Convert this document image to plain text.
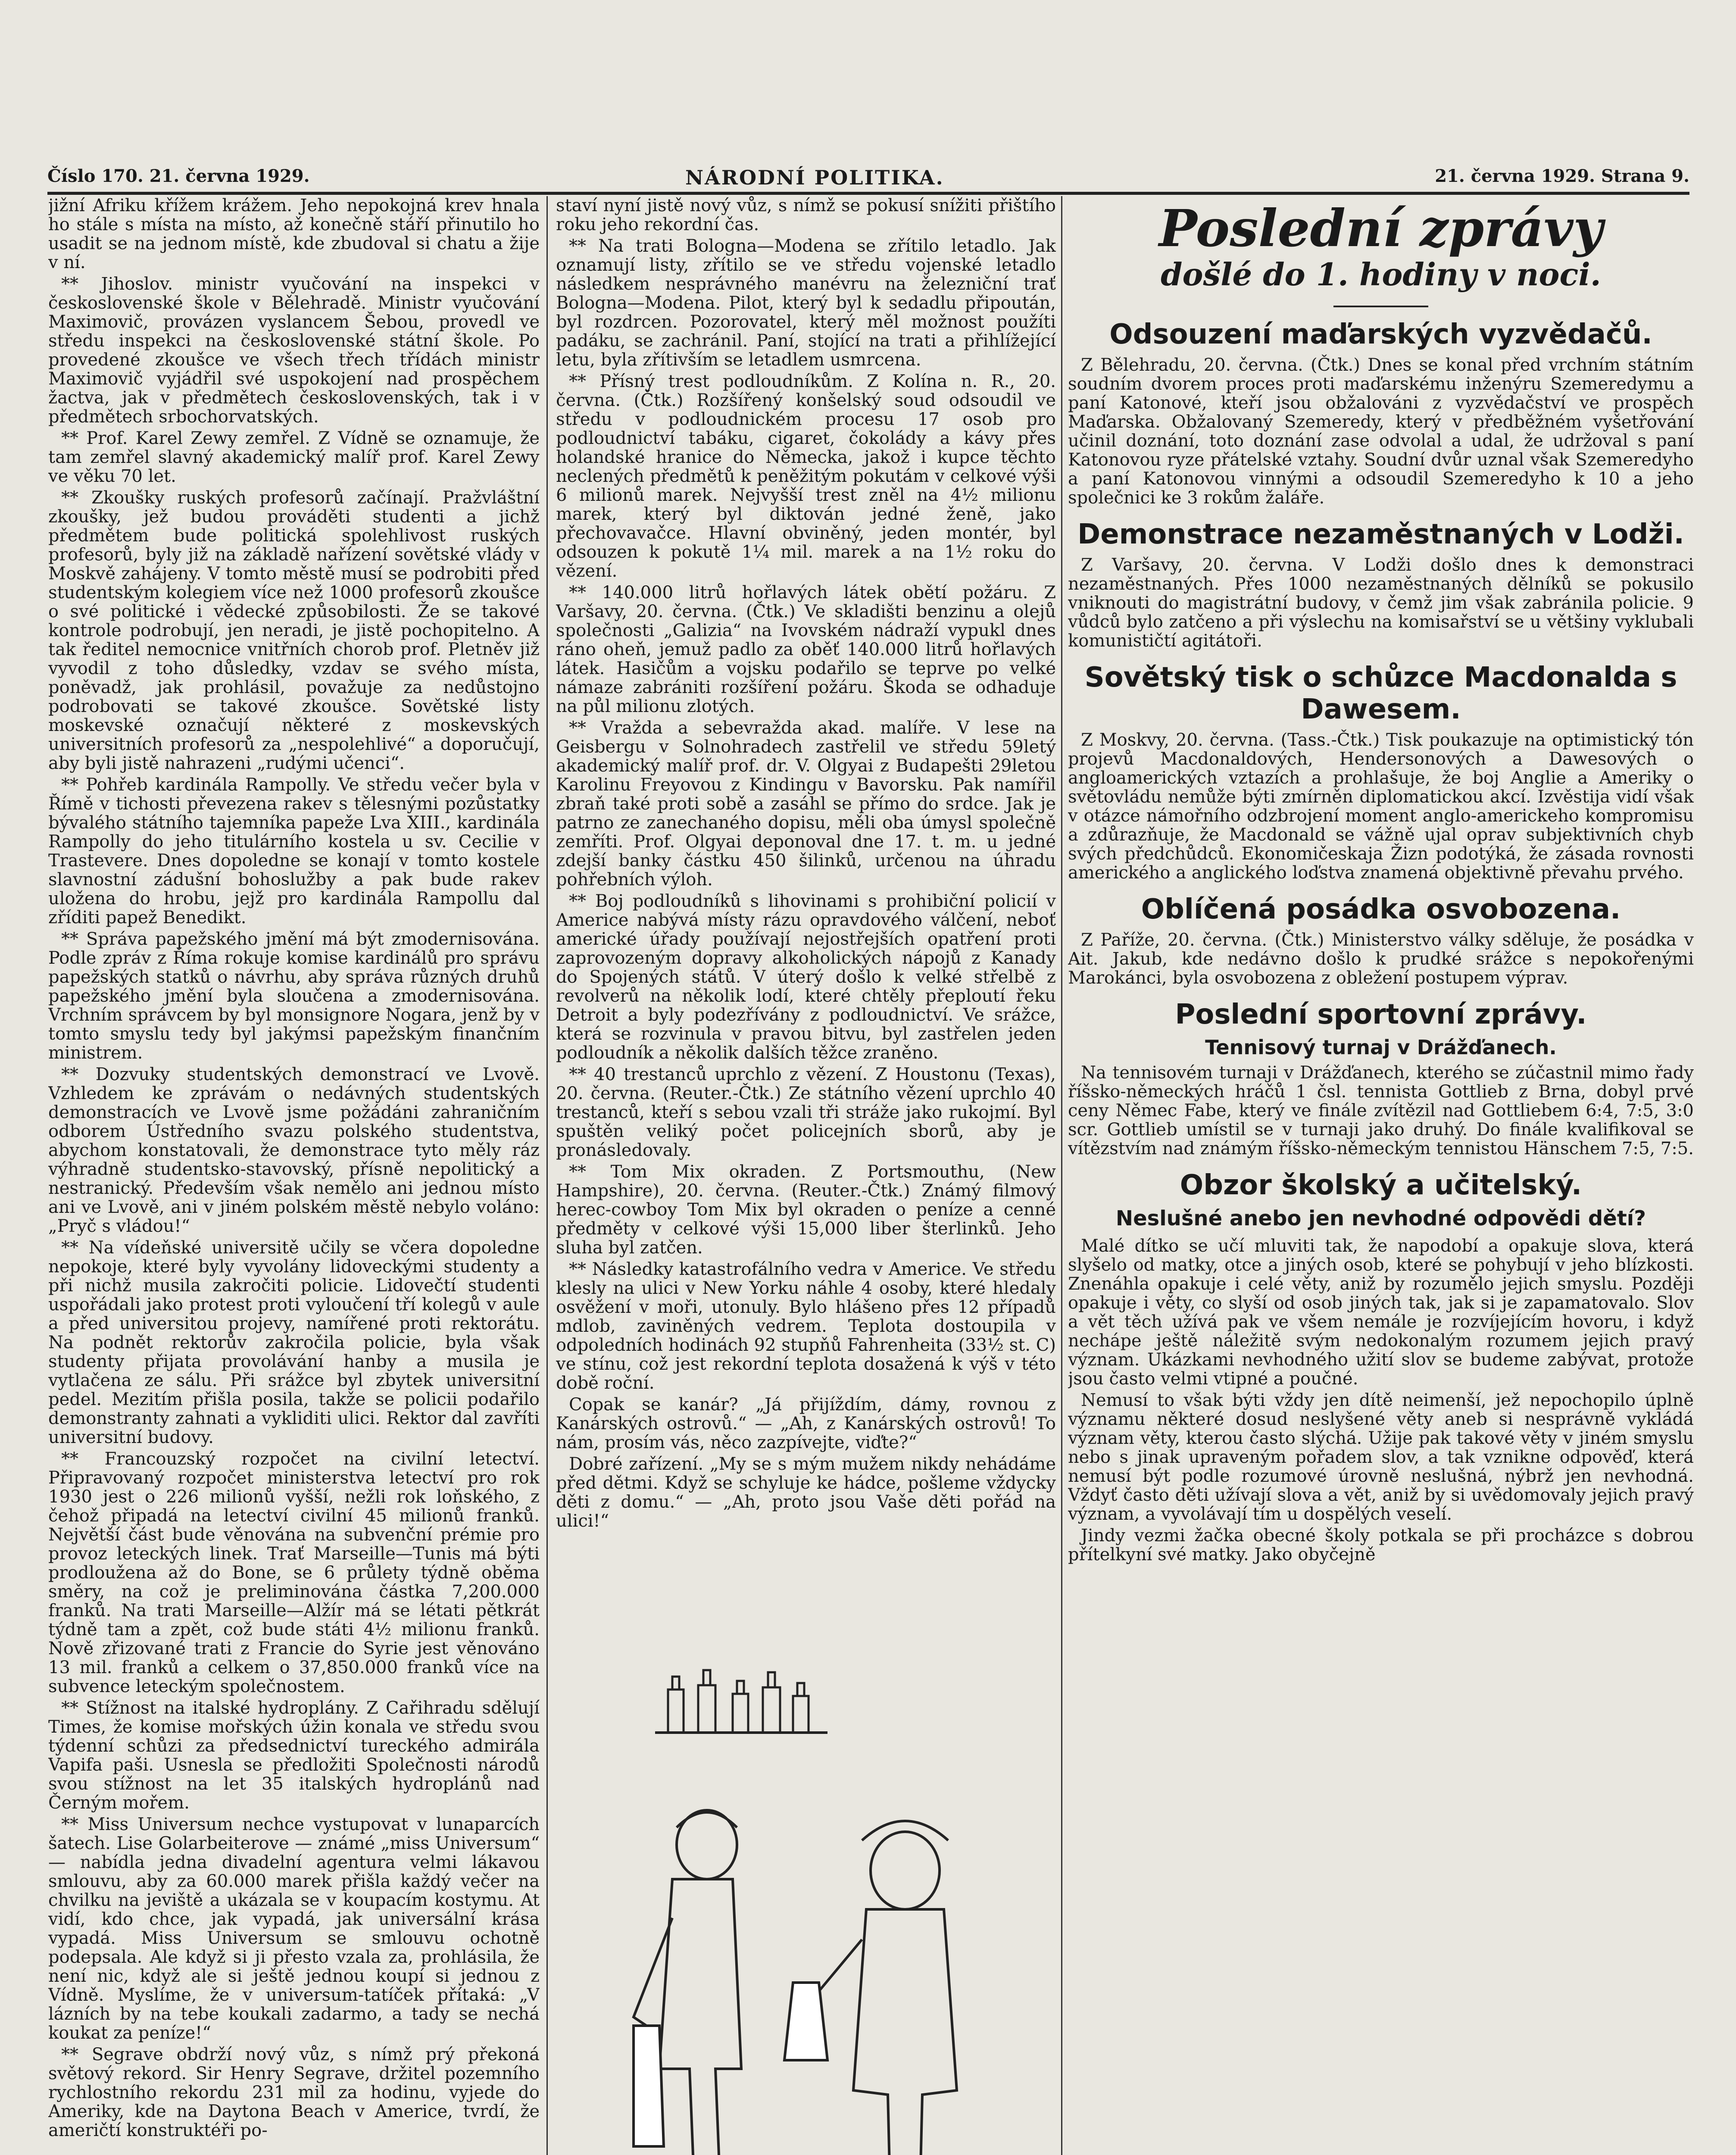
Číslo 170. 21. června 1929.	NÁRODNÍ POLITIKA.	21. června 1929. Strana 9.

jižní Afriku křížem krážem. Jeho nepokojná krev hnala ho stále s místa na místo, až konečně stáří přinutilo ho usadit se na jednom místě, kde zbudoval si chatu a žije v ní.

** Jihoslov. ministr vyučování na inspekci v československé škole v Bělehradě. Ministr vyučování Maximovič, provázen vyslancem Šebou, provedl ve středu inspekci na československé státní škole. Po provedené zkoušce ve všech třech třídách ministr Maximovič vyjádřil své uspokojení nad prospěchem žactva, jak v předmětech československých, tak i v předmětech srbochorvatských.

** Prof. Karel Zewy zemřel. Z Vídně se oznamuje, že tam zemřel slavný akademický malíř prof. Karel Zewy ve věku 70 let.

** Zkoušky ruských profesorů začínají. Pražvláštní zkoušky, jež budou prováděti studenti a jichž předmětem bude politická spolehlivost ruských profesorů, byly již na základě nařízení sovětské vlády v Moskvě zahájeny. V tomto městě musí se podrobiti před studentským kolegiem více než 1000 profesorů zkoušce o své politické i vědecké způsobilosti. Že se takové kontrole podrobují, jen neradi, je jistě pochopitelno. A tak ředitel nemocnice vnitřních chorob prof. Pletněv již vyvodil z toho důsledky, vzdav se svého místa, poněvadž, jak prohlásil, považuje za nedůstojno podrobovati se takové zkoušce. Sovětské listy moskevské označují některé z moskevských universitních profesorů za „nespolehlivé“ a doporučují, aby byli jistě nahrazeni „rudými učenci“.

** Pohřeb kardinála Rampolly. Ve středu večer byla v Římě v tichosti převezena rakev s tělesnými pozůstatky bývalého státního tajemníka papeže Lva XIII., kardinála Rampolly do jeho titulárního kostela u sv. Cecilie v Trastevere. Dnes dopoledne se konají v tomto kostele slavnostní zádušní bohoslužby a pak bude rakev uložena do hrobu, jejž pro kardinála Rampollu dal zříditi papež Benedikt.

** Správa papežského jmění má být zmodernisována. Podle zpráv z Říma rokuje komise kardinálů pro správu papežských statků o návrhu, aby správa různých druhů papežského jmění byla sloučena a zmodernisována. Vrchním správcem by byl monsignore Nogara, jenž by v tomto smyslu tedy byl jakýmsi papežským finančním ministrem.

** Dozvuky studentských demonstrací ve Lvově. Vzhledem ke zprávám o nedávných studentských demonstracích ve Lvově jsme požádáni zahraničním odborem Ústředního svazu polského studentstva, abychom konstatovali, že demonstrace tyto měly ráz výhradně studentsko-stavovský, přísně nepolitický a nestranický. Především však nemělo ani jednou místo ani ve Lvově, ani v jiném polském městě nebylo voláno: „Pryč s vládou!“

** Na vídeňské universitě učily se včera dopoledne nepokoje, které byly vyvolány lidoveckými studenty a při nichž musila zakročiti policie. Lidovečtí studenti uspořádali jako protest proti vyloučení tří kolegů v aule a před universitou projevy, namířené proti rektorátu. Na podnět rektorův zakročila policie, byla však studenty přijata provolávání hanby a musila je vytlačena ze sálu. Při srážce byl zbytek universitní pedel. Mezitím přišla posila, takže se policii podařilo demonstranty zahnati a vykliditi ulici. Rektor dal zavříti universitní budovy.

** Francouzský rozpočet na civilní letectví. Připravovaný rozpočet ministerstva letectví pro rok 1930 jest o 226 milionů vyšší, nežli rok loňského, z čehož připadá na letectví civilní 45 milionů franků. Největší část bude věnována na subvenční prémie pro provoz leteckých linek. Trať Marseille—Tunis má býti prodloužena až do Bone, se 6 průlety týdně oběma směry, na což je preliminována částka 7,200.000 franků. Na trati Marseille—Alžír má se létati pětkrát týdně tam a zpět, což bude státi 4½ milionu franků. Nově zřizované trati z Francie do Syrie jest věnováno 13 mil. franků a celkem o 37,850.000 franků více na subvence leteckým společnostem.

** Stížnost na italské hydroplány. Z Cařihradu sdělují Times, že komise mořských úžin konala ve středu svou týdenní schůzi za předsednictví tureckého admirála Vapifa paši. Usnesla se předložiti Společnosti národů svou stížnost na let 35 italských hydroplánů nad Černým mořem.

** Miss Universum nechce vystupovat v lunaparcích šatech. Lise Golarbeiterove — známé „miss Universum“ — nabídla jedna divadelní agentura velmi lákavou smlouvu, aby za 60.000 marek přišla každý večer na chvilku na jeviště a ukázala se v koupacím kostymu. At vidí, kdo chce, jak vypadá, jak universální krása vypadá. Miss Universum se smlouvu ochotně podepsala. Ale když si ji přesto vzala za, prohlásila, že není nic, když ale si ještě jednou koupí si jednou z Vídně. Myslíme, že v universum-tatíček přítaká: „V lázních by na tebe koukali zadarmo, a tady se nechá koukat za peníze!“

** Segrave obdrží nový vůz, s nímž prý překoná světový rekord. Sir Henry Segrave, držitel pozemního rychlostního rekordu 231 mil za hodinu, vyjede do Ameriky, kde na Daytona Beach v Americe, tvrdí, že američtí konstruktéři po-

staví nyní jistě nový vůz, s nímž se pokusí snížiti přištího roku jeho rekordní čas.

** Na trati Bologna—Modena se zřítilo letadlo. Jak oznamují listy, zřítilo se ve středu vojenské letadlo následkem nesprávného manévru na železniční trať Bologna—Modena. Pilot, který byl k sedadlu připoután, byl rozdrcen. Pozorovatel, který měl možnost použíti padáku, se zachránil. Paní, stojící na trati a přihlížející letu, byla zřítivším se letadlem usmrcena.

** Přísný trest podloudníkům. Z Kolína n. R., 20. června. (Čtk.) Rozšířený konšelský soud odsoudil ve středu v podloudnickém procesu 17 osob pro podloudnictví tabáku, cigaret, čokolády a kávy přes holandské hranice do Německa, jakož i kupce těchto neclených předmětů k peněžitým pokutám v celkové výši 6 milionů marek. Nejvyšší trest zněl na 4½ milionu marek, který byl diktován jedné ženě, jako přechovavačce. Hlavní obviněný, jeden montér, byl odsouzen k pokutě 1¼ mil. marek a na 1½ roku do vězení.

** 140.000 litrů hořlavých látek obětí požáru. Z Varšavy, 20. června. (Čtk.) Ve skladišti benzinu a olejů společnosti „Galizia“ na Ivovském nádraží vypukl dnes ráno oheň, jemuž padlo za oběť 140.000 litrů hořlavých látek. Hasičům a vojsku podařilo se teprve po velké námaze zabrániti rozšíření požáru. Škoda se odhaduje na půl milionu zlotých.

** Vražda a sebevražda akad. malíře. V lese na Geisbergu v Solnohradech zastřelil ve středu 59letý akademický malíř prof. dr. V. Olgyai z Budapešti 29letou Karolinu Freyovou z Kindingu v Bavorsku. Pak namířil zbraň také proti sobě a zasáhl se přímo do srdce. Jak je patrno ze zanechaného dopisu, měli oba úmysl společně zemříti. Prof. Olgyai deponoval dne 17. t. m. u jedné zdejší banky částku 450 šilinků, určenou na úhradu pohřebních výloh.

** Boj podloudníků s lihovinami s prohibiční policií v Americe nabývá místy rázu opravdového válčení, neboť americké úřady používají nejostřejších opatření proti zaprovozeným dopravy alkoholických nápojů z Kanady do Spojených států. V úterý došlo k velké střelbě z revolverů na několik lodí, které chtěly přeploutí řeku Detroit a byly podezřívány z podloudnictví. Ve srážce, která se rozvinula v pravou bitvu, byl zastřelen jeden podloudník a několik dalších těžce zraněno.

** 40 trestanců uprchlo z vězení. Z Houstonu (Texas), 20. června. (Reuter.-Čtk.) Ze státního vězení uprchlo 40 trestanců, kteří s sebou vzali tři stráže jako rukojmí. Byl spuštěn veliký počet policejních sborů, aby je pronásledovaly.

** Tom Mix okraden. Z Portsmouthu, (New Hampshire), 20. června. (Reuter.-Čtk.) Známý filmový herec-cowboy Tom Mix byl okraden o peníze a cenné předměty v celkové výši 15,000 liber šterlinků. Jeho sluha byl zatčen.

** Následky katastrofálního vedra v Americe. Ve středu klesly na ulici v New Yorku náhle 4 osoby, které hledaly osvěžení v moři, utonuly. Bylo hlášeno přes 12 případů mdlob, zaviněných vedrem. Teplota dostoupila v odpoledních hodinách 92 stupňů Fahrenheita (33½ st. C) ve stínu, což jest rekordní teplota dosažená k výš v této době roční.

Copak se kanár? „Já přijíždím, dámy, rovnou z Kanárských ostrovů.“ — „Ah, z Kanárských ostrovů! To nám, prosím vás, něco zazpívejte, viďte?“

Dobré zařízení. „My se s mým mužem nikdy nehádáme před dětmi. Když se schyluje ke hádce, pošleme vždycky děti z domu.“ — „Ah, proto jsou Vaše děti pořád na ulici!“

Poslední zprávy
došlé do 1. hodiny v noci.
Odsouzení maďarských vyzvědačů.

Z Bělehradu, 20. června. (Čtk.) Dnes se konal před vrchním státním soudním dvorem proces proti maďarskému inženýru Szemeredymu a paní Katonové, kteří jsou obžalováni z vyzvědačství ve prospěch Maďarska. Obžalovaný Szemeredy, který v předběžném vyšetřování učinil doznání, toto doznání zase odvolal a udal, že udržoval s paní Katonovou ryze přátelské vztahy. Soudní dvůr uznal však Szemeredyho a paní Katonovou vinnými a odsoudil Szemeredyho k 10 a jeho společnici ke 3 rokům žaláře.

Demonstrace nezaměstnaných v Lodži.

Z Varšavy, 20. června. V Lodži došlo dnes k demonstraci nezaměstnaných. Přes 1000 nezaměstnaných dělníků se pokusilo vniknouti do magistrátní budovy, v čemž jim však zabránila policie. 9 vůdců bylo zatčeno a při výslechu na komisařství se u většiny vyklubali komunističtí agitátoři.

Sovětský tisk o schůzce Macdonalda s Dawesem.

Z Moskvy, 20. června. (Tass.-Čtk.) Tisk poukazuje na optimistický tón projevů Macdonaldových, Hendersonových a Dawesových o angloamerických vztazích a prohlašuje, že boj Anglie a Ameriky o světovládu nemůže býti zmírněn diplomatickou akcí. Izvěstija vidí však v otázce námořního odzbrojení moment anglo-americkeho kompromisu a zdůrazňuje, že Macdonald se vážně ujal oprav subjektivních chyb svých předchůdců. Ekonomičeskaja Žizn podotýká, že zásada rovnosti amerického a anglického loďstva znamená objektivně převahu prvého.

Oblíčená posádka osvobozena.

Z Paříže, 20. června. (Čtk.) Ministerstvo války sděluje, že posádka v Ait. Jakub, kde nedávno došlo k prudké srážce s nepokořenými Marokánci, byla osvobozena z obležení postupem výprav.

Poslední sportovní zprávy.
Tennisový turnaj v Drážďanech.

Na tennisovém turnaji v Drážďanech, kterého se zúčastnil mimo řady říšsko-německých hráčů 1 čsl. tennista Gottlieb z Brna, dobyl prvé ceny Němec Fabe, který ve finále zvítězil nad Gottliebem 6:4, 7:5, 3:0 scr. Gottlieb umístil se v turnaji jako druhý. Do finále kvalifikoval se vítězstvím nad známým říšsko-německým tennistou Hänschem 7:5, 7:5.

Obzor školský a učitelský.
Neslušné anebo jen nevhodné odpovědi dětí?

Malé dítko se učí mluviti tak, že napodobí a opakuje slova, která slyšelo od matky, otce a jiných osob, které se pohybují v jeho blízkosti. Znenáhla opakuje i celé věty, aniž by rozumělo jejich smyslu. Později opakuje i věty, co slyší od osob jiných tak, jak si je zapamatovalo. Slov a vět těch užívá pak ve všem nemále je rozvíjejícím hovoru, i když nechápe ještě náležitě svým nedokonalým rozumem jejich pravý význam. Ukázkami nevhodného užití slov se budeme zabývat, protože jsou často velmi vtipné a poučné.

Nemusí to však býti vždy jen dítě neimenší, jež nepochopilo úplně významu některé dosud neslyšené věty aneb si nesprávně vykládá význam věty, kterou často slýchá. Užije pak takové věty v jiném smyslu nebo s jinak upraveným pořadem slov, a tak vznikne odpověď, která nemusí být podle rozumové úrovně neslušná, nýbrž jen nevhodná. Vždyť často děti užívají slova a vět, aniž by si uvědomovaly jejich pravý význam, a vyvolávají tím u dospělých veselí.

Jindy vezmi žačka obecné školy potkala se při procházce s dobrou přítelkyní své matky. Jako obyčejně
